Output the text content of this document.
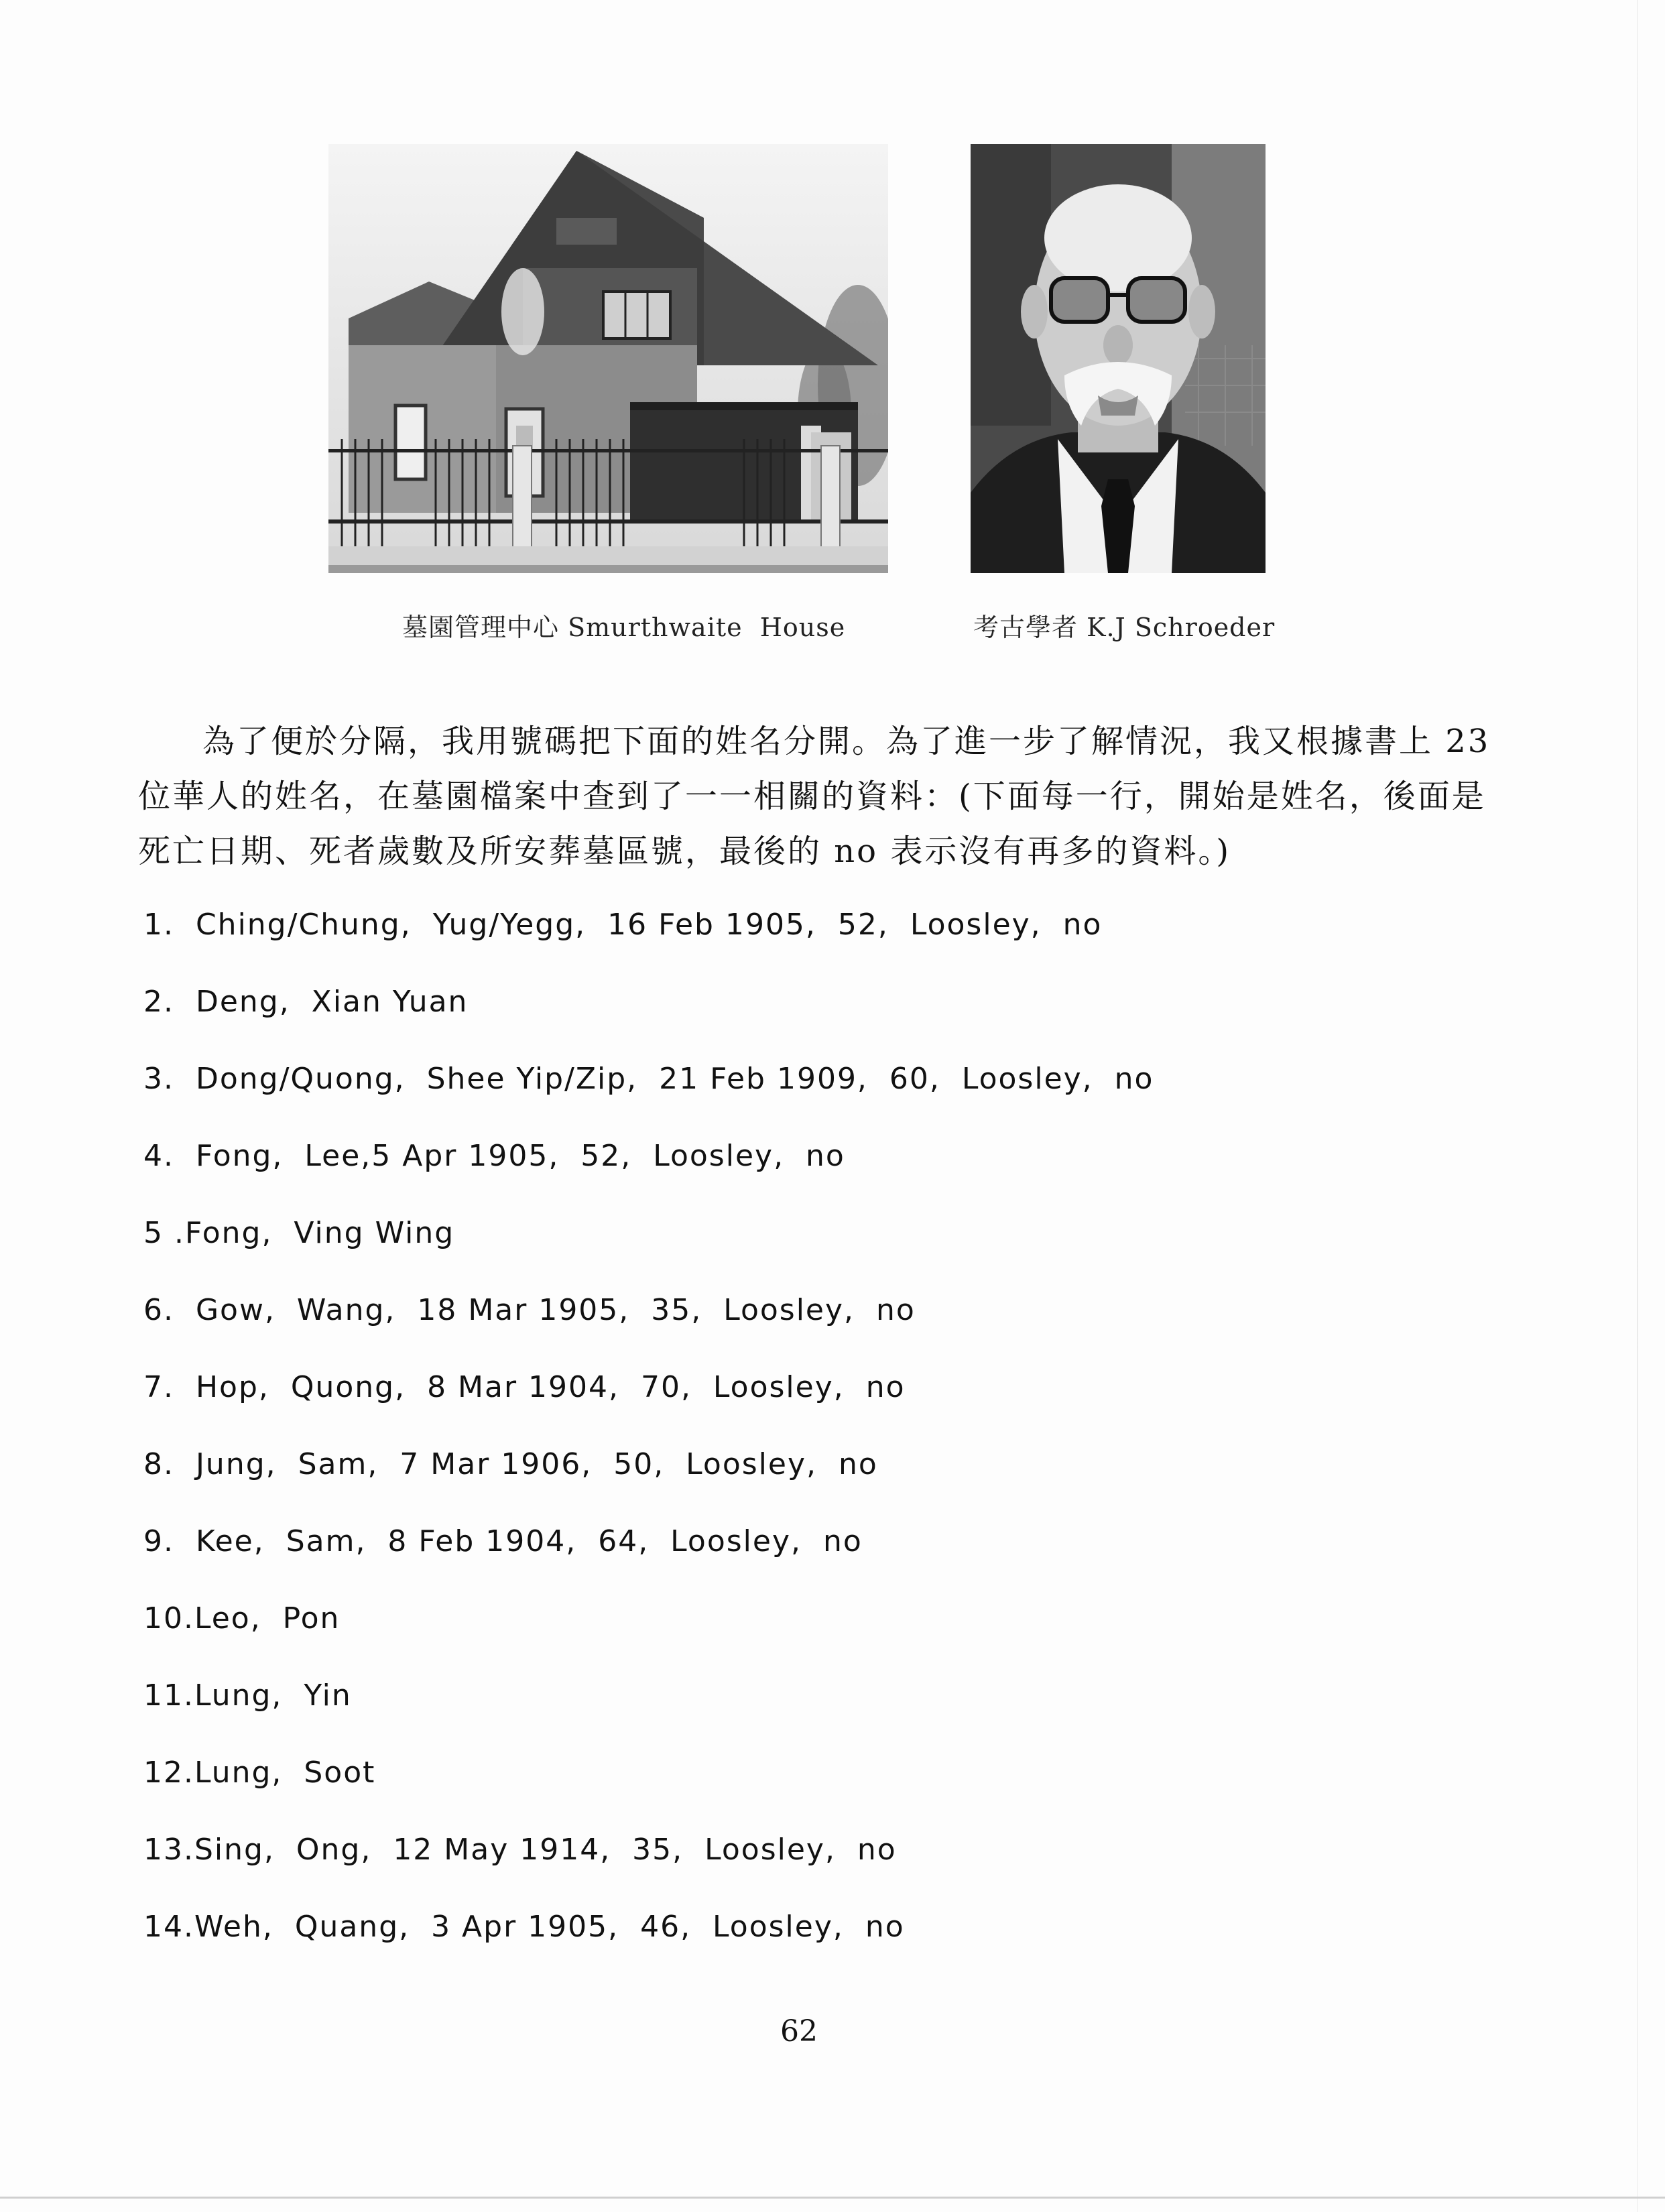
墓園管理中心 Smurthwaite  House	考古學者 K.J Schroeder
為了便於分隔，我用號碼把下面的姓名分開。為了進一步了解情況，我又根據書上 23
位華人的姓名，在墓園檔案中查到了一一相關的資料：(下面每一行，開始是姓名，後面是
死亡日期、死者歲數及所安葬墓區號，最後的 no 表示沒有再多的資料。)
1.  Ching/Chung,  Yug/Yegg,  16 Feb 1905,  52,  Loosley,  no
2.  Deng,  Xian Yuan
3.  Dong/Quong,  Shee Yip/Zip,  21 Feb 1909,  60,  Loosley,  no
4.  Fong,  Lee,5 Apr 1905,  52,  Loosley,  no
5 .Fong,  Ving Wing
6.  Gow,  Wang,  18 Mar 1905,  35,  Loosley,  no
7.  Hop,  Quong,  8 Mar 1904,  70,  Loosley,  no
8.  Jung,  Sam,  7 Mar 1906,  50,  Loosley,  no
9.  Kee,  Sam,  8 Feb 1904,  64,  Loosley,  no
10.Leo,  Pon
11.Lung,  Yin
12.Lung,  Soot
13.Sing,  Ong,  12 May 1914,  35,  Loosley,  no
14.Weh,  Quang,  3 Apr 1905,  46,  Loosley,  no
62
